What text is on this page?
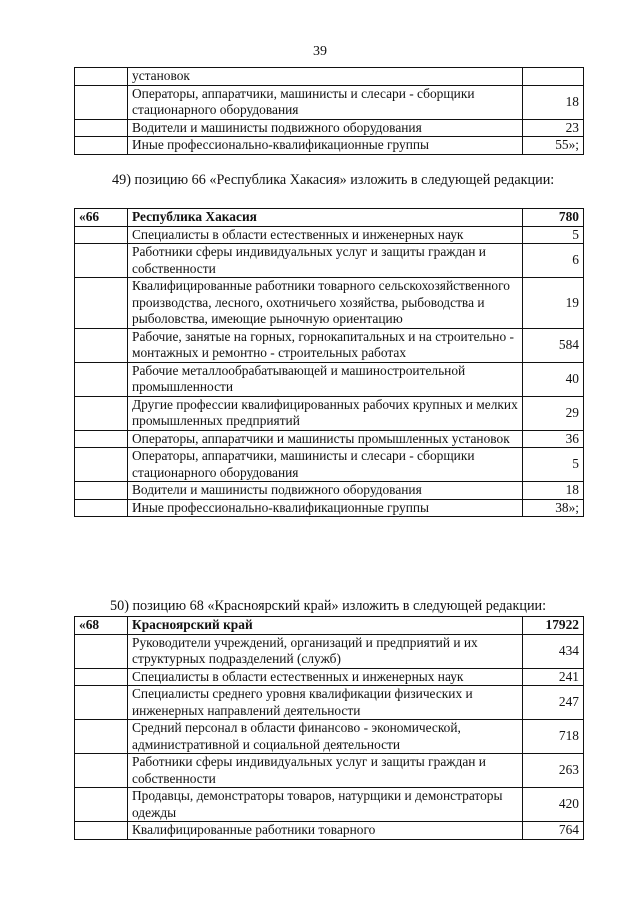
39
	установок	
	Операторы, аппаратчики, машинисты и слесари - сборщики стационарного оборудования	18
	Водители и машинисты подвижного оборудования	23
	Иные профессионально-квалификационные группы	55»;
49) позицию 66 «Республика Хакасия» изложить в следующей редакции:
«66	Республика Хакасия	780
	Специалисты в области естественных и инженерных наук	5
	Работники сферы индивидуальных услуг и защиты граждан и собственности	6
	Квалифицированные работники товарного сельскохозяйственного производства, лесного, охотничьего хозяйства, рыбоводства и рыболовства, имеющие рыночную ориентацию	19
	Рабочие, занятые на горных, горнокапитальных и на строительно - монтажных и ремонтно - строительных работах	584
	Рабочие металлообрабатывающей и машиностроительной промышленности	40
	Другие профессии квалифицированных рабочих крупных и мелких промышленных предприятий	29
	Операторы, аппаратчики и машинисты промышленных установок	36
	Операторы, аппаратчики, машинисты и слесари - сборщики стационарного оборудования	5
	Водители и машинисты подвижного оборудования	18
	Иные профессионально-квалификационные группы	38»;
50) позицию 68 «Красноярский край» изложить в следующей редакции:
«68	Красноярский край	17922
	Руководители учреждений, организаций и предприятий и их структурных подразделений (служб)	434
	Специалисты в области естественных и инженерных наук	241
	Специалисты среднего уровня квалификации физических и инженерных направлений деятельности	247
	Средний персонал в области финансово - экономической, административной и социальной деятельности	718
	Работники сферы индивидуальных услуг и защиты граждан и собственности	263
	Продавцы, демонстраторы товаров, натурщики и демонстраторы одежды	420
	Квалифицированные работники товарного	764
